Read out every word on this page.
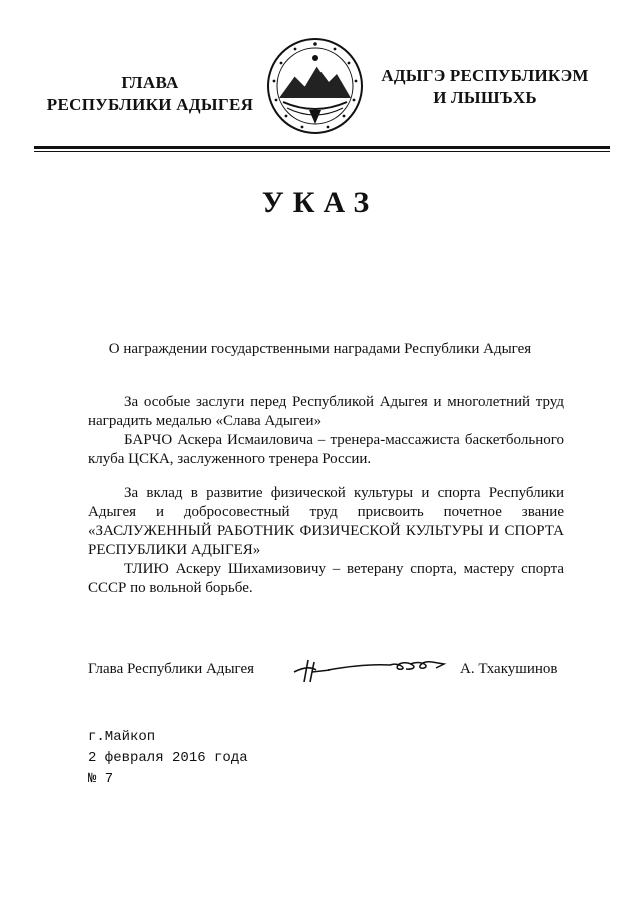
ГЛАВА
РЕСПУБЛИКИ АДЫГЕЯ
АДЫГЭ РЕСПУБЛИКЭМ
И ЛЫШЪХЬ
УКАЗ
О награждении государственными наградами Республики Адыгея
За особые заслуги перед Республикой Адыгея и многолетний труд наградить медалью «Слава Адыгеи»
БАРЧО Аскера Исмаиловича – тренера-массажиста баскетбольного клуба ЦСКА, заслуженного тренера России.
За вклад в развитие физической культуры и спорта Республики Адыгея и добросовестный труд присвоить почетное звание «ЗАСЛУЖЕННЫЙ РАБОТНИК ФИЗИЧЕСКОЙ КУЛЬТУРЫ И СПОРТА РЕСПУБЛИКИ АДЫГЕЯ»
ТЛИЮ Аскеру Шихамизовичу – ветерану спорта, мастеру спорта СССР по вольной борьбе.
Глава Республики Адыгея	А. Тхакушинов
г.Майкоп
2 февраля 2016 года
№ 7
